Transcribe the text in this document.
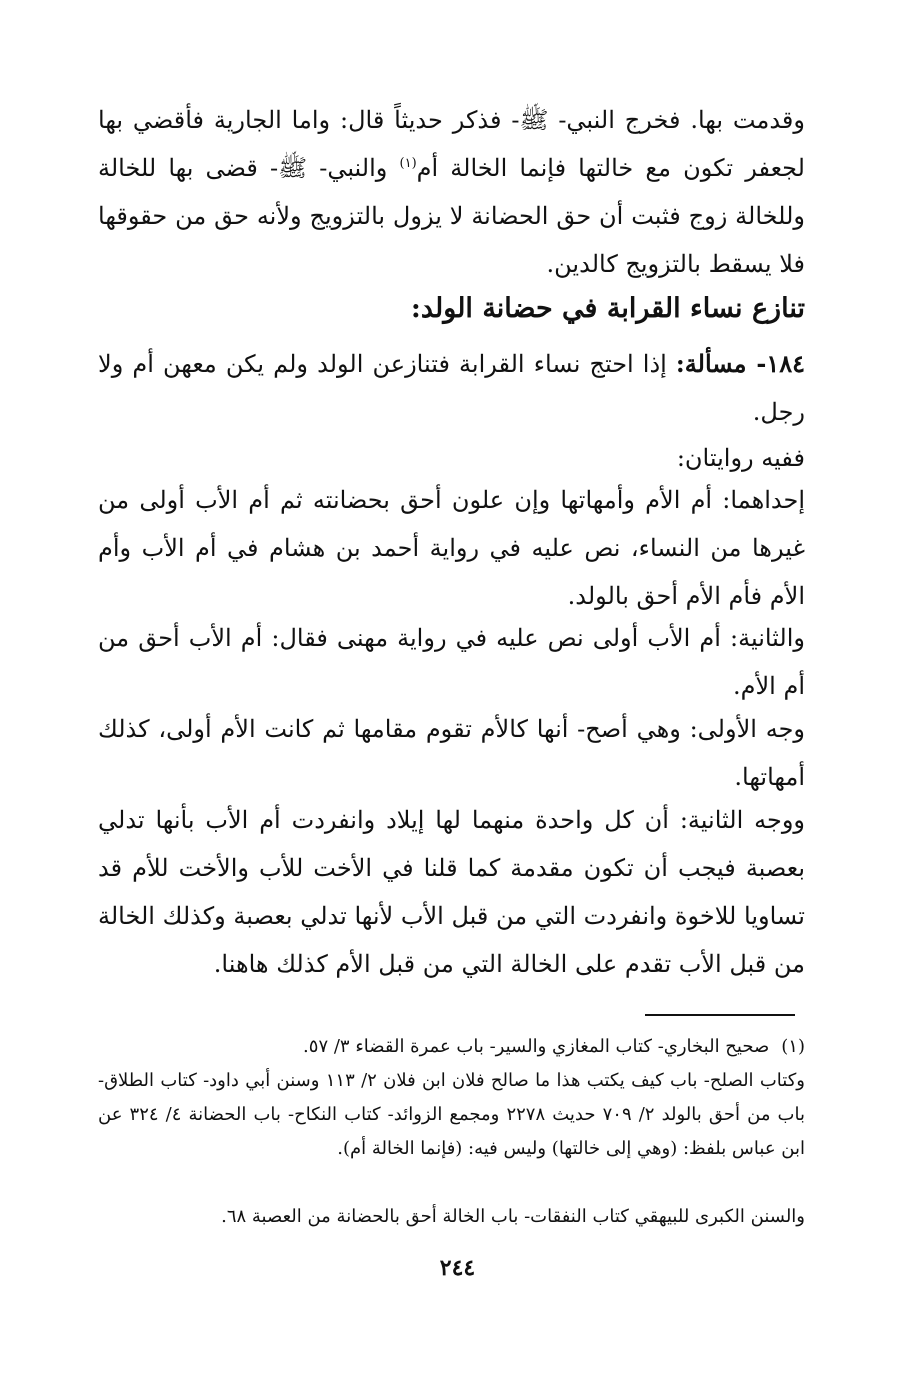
وقدمت بها. فخرج النبي- ﷺ- فذكر حديثاً قال: واما الجارية فأقضي بها لجعفر تكون مع خالتها فإنما الخالة أم$^{(١)}$ والنبي- ﷺ- قضى بها للخالة وللخالة زوج فثبت أن حق الحضانة لا يزول بالتزويج ولأنه حق من حقوقها فلا يسقط بالتزويج كالدين.

تنازع نساء القرابة في حضانة الولد:

١٨٤- مسألة: إذا احتج نساء القرابة فتنازعن الولد ولم يكن معهن أم ولا رجل.

ففيه روايتان:

إحداهما: أم الأم وأمهاتها وإن علون أحق بحضانته ثم أم الأب أولى من غيرها من النساء، نص عليه في رواية أحمد بن هشام في أم الأب وأم الأم فأم الأم أحق بالولد.

والثانية: أم الأب أولى نص عليه في رواية مهنى فقال: أم الأب أحق من أم الأم.

وجه الأولى: وهي أصح- أنها كالأم تقوم مقامها ثم كانت الأم أولى، كذلك أمهاتها.

ووجه الثانية: أن كل واحدة منهما لها إيلاد وانفردت أم الأب بأنها تدلي بعصبة فيجب أن تكون مقدمة كما قلنا في الأخت للأب والأخت للأم قد تساويا للاخوة وانفردت التي من قبل الأب لأنها تدلي بعصبة وكذلك الخالة من قبل الأب تقدم على الخالة التي من قبل الأم كذلك هاهنا.

(١)صحيح البخاري- كتاب المغازي والسير- باب عمرة القضاء ٣/ ٥٧.

وكتاب الصلح- باب كيف يكتب هذا ما صالح فلان ابن فلان ٢/ ١١٣ وسنن أبي داود- كتاب الطلاق- باب من أحق بالولد ٢/ ٧٠٩ حديث ٢٢٧٨ ومجمع الزوائد- كتاب النكاح- باب الحضانة ٤/ ٣٢٤ عن ابن عباس بلفظ: (وهي إلى خالتها) وليس فيه: (فإنما الخالة أم).

والسنن الكبرى للبيهقي كتاب النفقات- باب الخالة أحق بالحضانة من العصبة ٦٨.

٢٤٤
